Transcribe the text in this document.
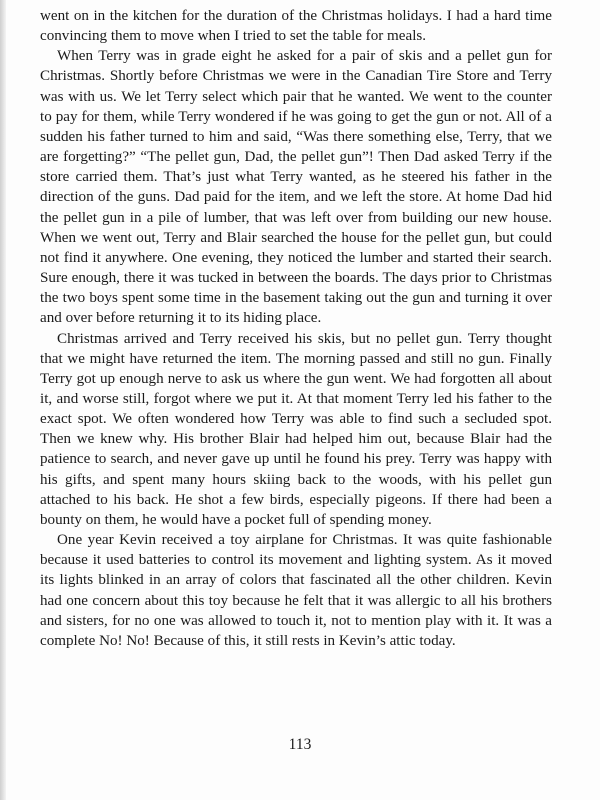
went on in the kitchen for the duration of the Christmas holidays. I had a hard time convincing them to move when I tried to set the table for meals.

When Terry was in grade eight he asked for a pair of skis and a pellet gun for Christmas. Shortly before Christmas we were in the Canadian Tire Store and Terry was with us. We let Terry select which pair that he wanted. We went to the counter to pay for them, while Terry wondered if he was going to get the gun or not. All of a sudden his father turned to him and said, “Was there something else, Terry, that we are forgetting?” “The pellet gun, Dad, the pellet gun”! Then Dad asked Terry if the store carried them. That’s just what Terry wanted, as he steered his father in the direction of the guns. Dad paid for the item, and we left the store. At home Dad hid the pellet gun in a pile of lumber, that was left over from building our new house. When we went out, Terry and Blair searched the house for the pellet gun, but could not find it anywhere. One evening, they noticed the lumber and started their search. Sure enough, there it was tucked in between the boards. The days prior to Christmas the two boys spent some time in the basement taking out the gun and turning it over and over before returning it to its hiding place.

Christmas arrived and Terry received his skis, but no pellet gun. Terry thought that we might have returned the item. The morning passed and still no gun. Finally Terry got up enough nerve to ask us where the gun went. We had forgotten all about it, and worse still, forgot where we put it. At that moment Terry led his father to the exact spot. We often wondered how Terry was able to find such a secluded spot. Then we knew why. His brother Blair had helped him out, because Blair had the patience to search, and never gave up until he found his prey. Terry was happy with his gifts, and spent many hours skiing back to the woods, with his pellet gun attached to his back. He shot a few birds, especially pigeons. If there had been a bounty on them, he would have a pocket full of spending money.

One year Kevin received a toy airplane for Christmas. It was quite fashionable because it used batteries to control its movement and lighting system. As it moved its lights blinked in an array of colors that fascinated all the other children. Kevin had one concern about this toy because he felt that it was allergic to all his brothers and sisters, for no one was allowed to touch it, not to mention play with it. It was a complete No! No! Because of this, it still rests in Kevin’s attic today.

113
